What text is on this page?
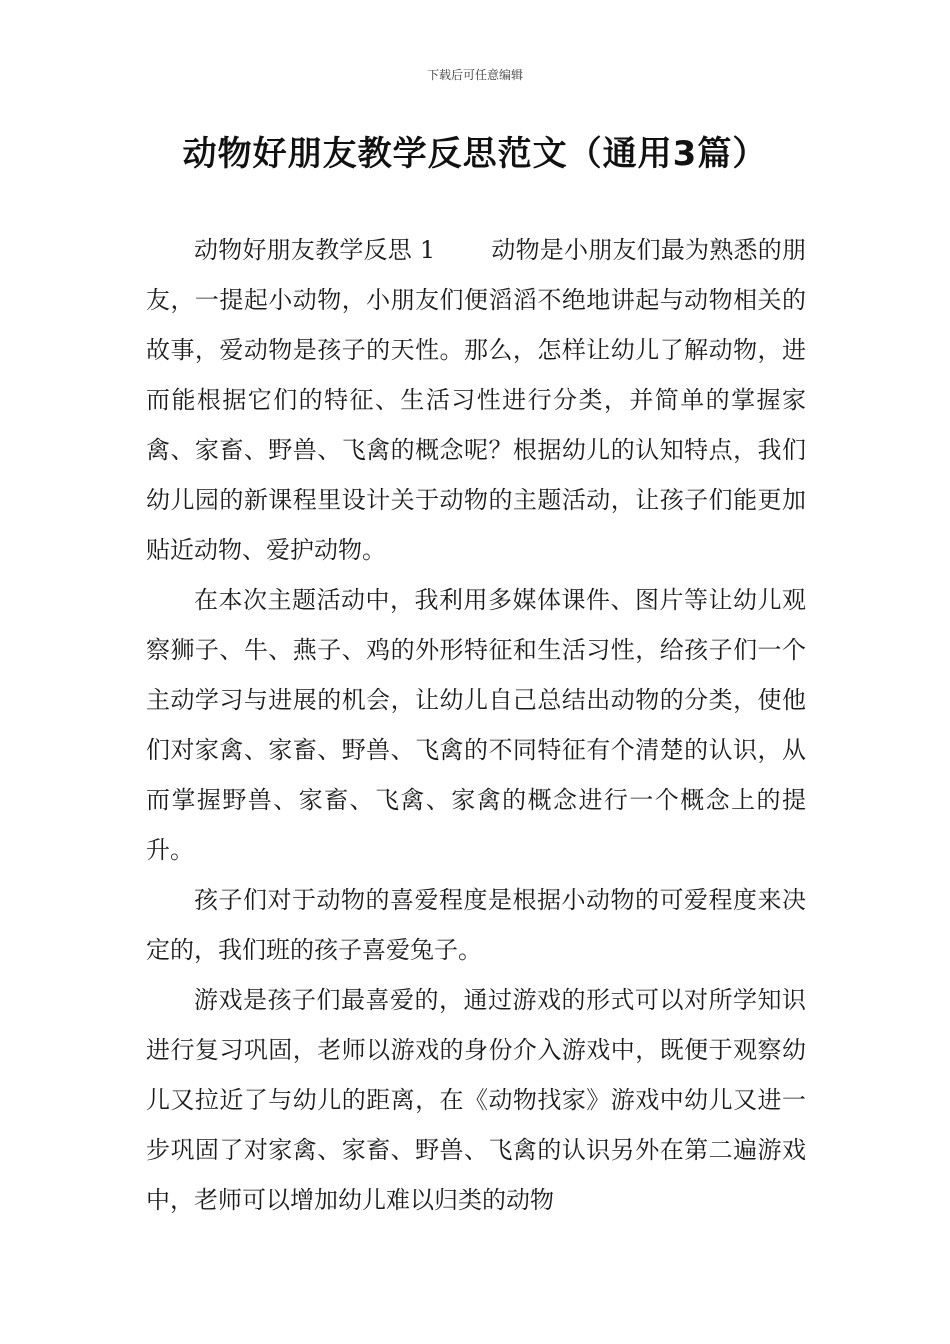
下载后可任意编辑
动物好朋友教学反思范文（通用3篇）

动物好朋友教学反思 1 动物是小朋友们最为熟悉的朋友，一提起小动物，小朋友们便滔滔不绝地讲起与动物相关的故事，爱动物是孩子的天性。那么，怎样让幼儿了解动物，进而能根据它们的特征、生活习性进行分类，并简单的掌握家禽、家畜、野兽、飞禽的概念呢？根据幼儿的认知特点，我们幼儿园的新课程里设计关于动物的主题活动，让孩子们能更加贴近动物、爱护动物。

在本次主题活动中，我利用多媒体课件、图片等让幼儿观察狮子、牛、燕子、鸡的外形特征和生活习性，给孩子们一个主动学习与进展的机会，让幼儿自己总结出动物的分类，使他们对家禽、家畜、野兽、飞禽的不同特征有个清楚的认识，从而掌握野兽、家畜、飞禽、家禽的概念进行一个概念上的提升。

孩子们对于动物的喜爱程度是根据小动物的可爱程度来决定的，我们班的孩子喜爱兔子。

游戏是孩子们最喜爱的，通过游戏的形式可以对所学知识进行复习巩固，老师以游戏的身份介入游戏中，既便于观察幼儿又拉近了与幼儿的距离，在《动物找家》游戏中幼儿又进一步巩固了对家禽、家畜、野兽、飞禽的认识另外在第二遍游戏中，老师可以增加幼儿难以归类的动物
